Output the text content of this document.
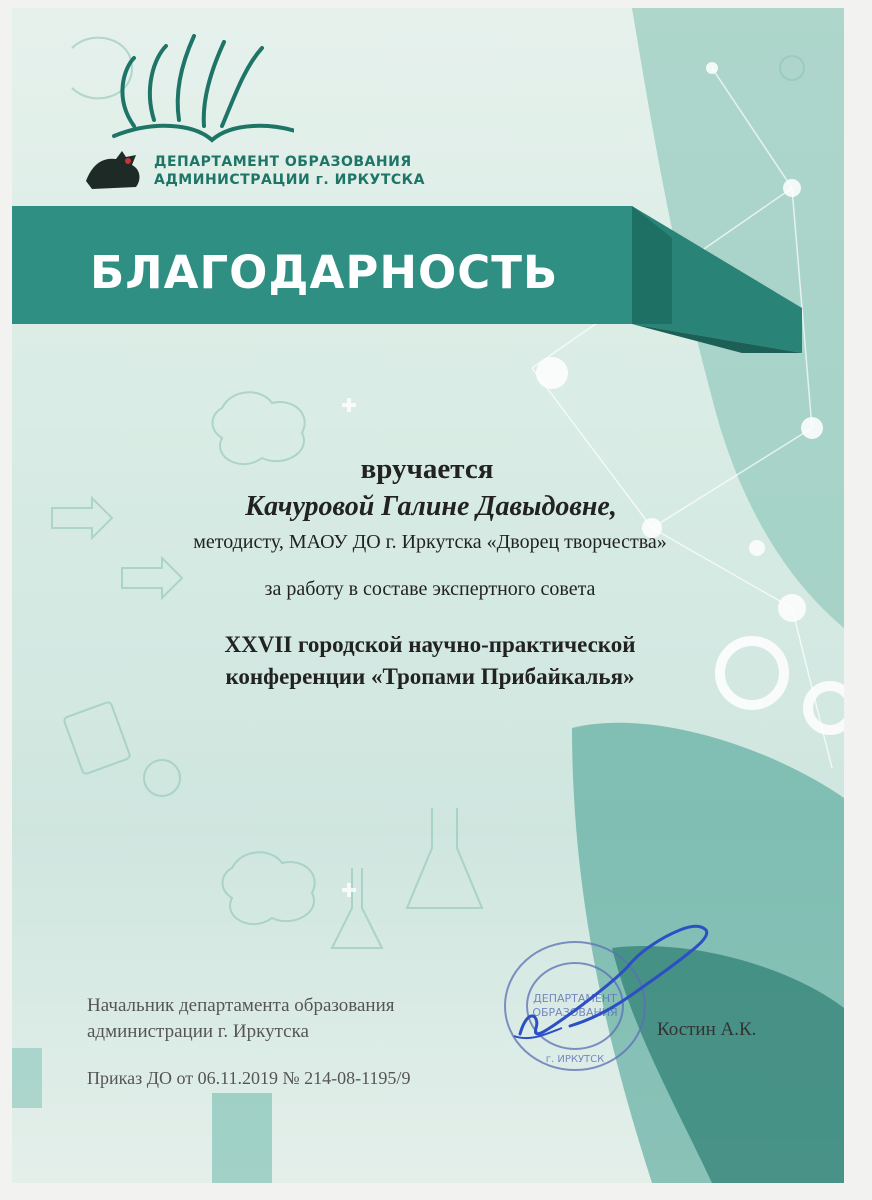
ДЕПАРТАМЕНТ ОБРАЗОВАНИЯ
АДМИНИСТРАЦИИ г. ИРКУТСКА
БЛАГОДАРНОСТЬ
вручается
Качуровой Галине Давыдовне,
методисту, МАОУ ДО г. Иркутска «Дворец творчества»
за работу в составе экспертного совета
XXVII городской научно-практической
конференции «Тропами Прибайкалья»
Начальник департамента образования
администрации г. Иркутска	Костин А.К.
ДЕПАРТАМЕНТ
ОБРАЗОВАНИЯ
г. ИРКУТСК
Приказ ДО от 06.11.2019 № 214-08-1195/9
